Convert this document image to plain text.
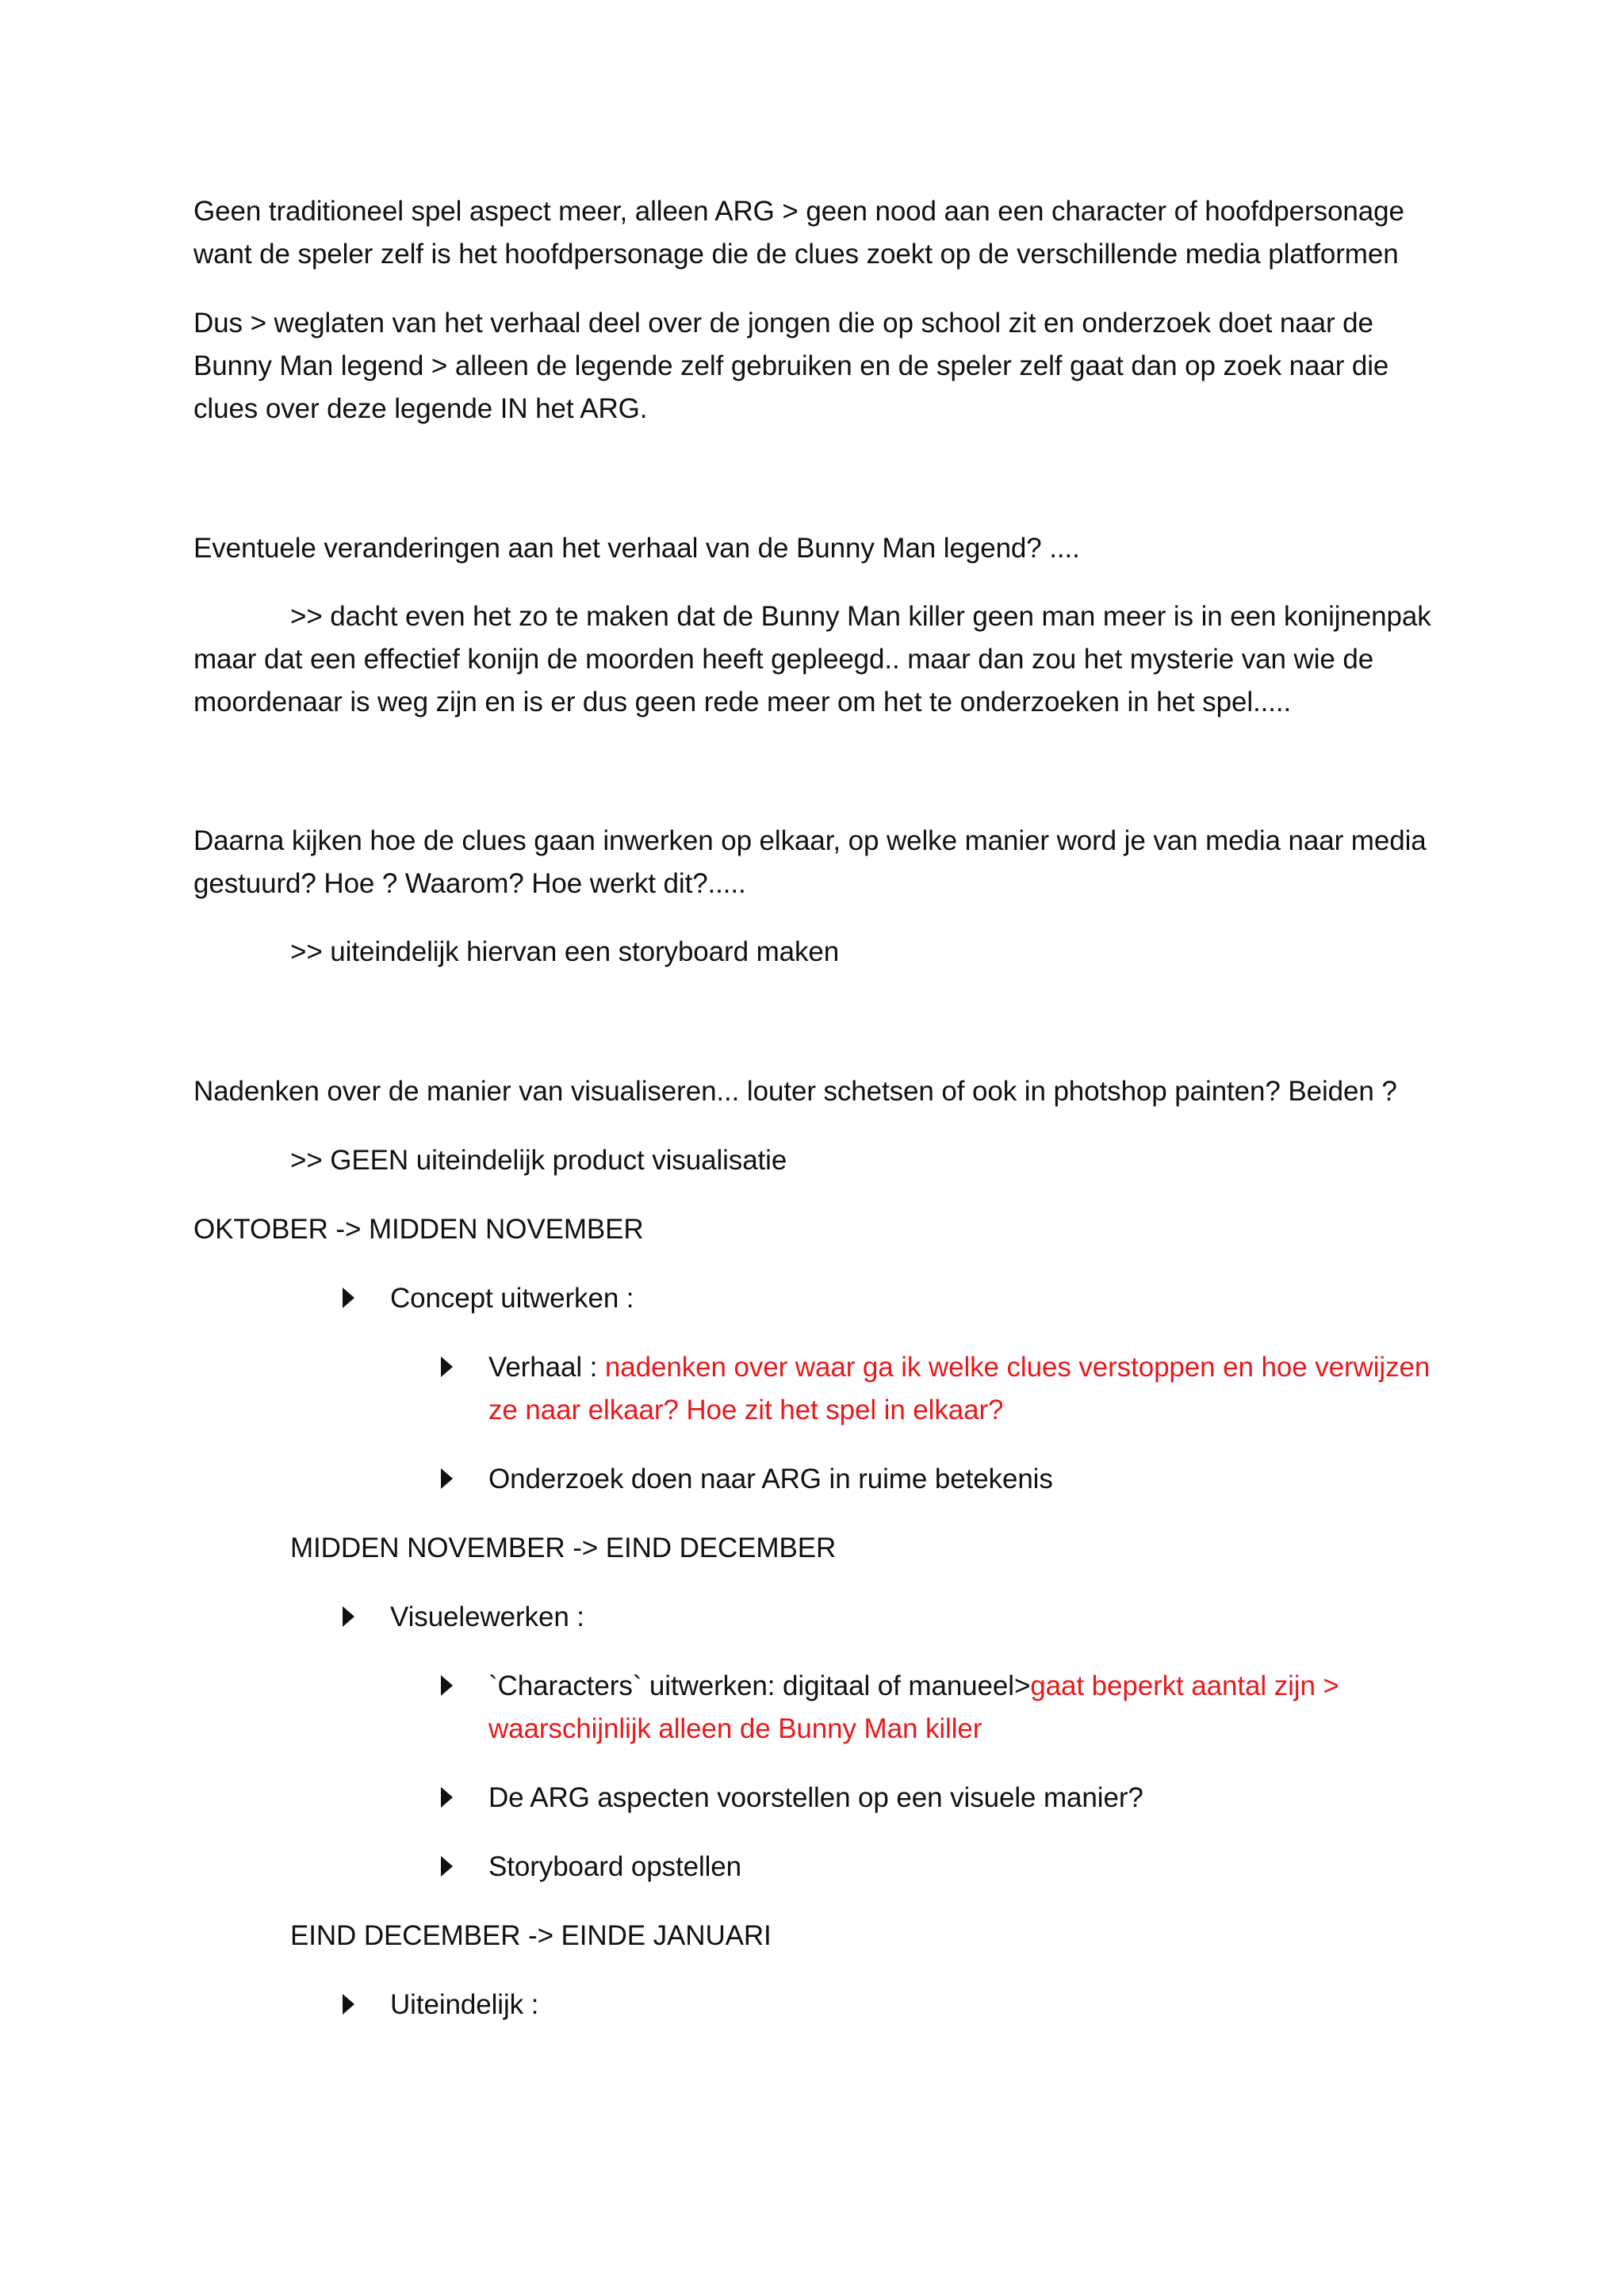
Geen traditioneel spel aspect meer, alleen ARG > geen nood aan een character of hoofdpersonage
want de speler zelf is het hoofdpersonage die de clues zoekt op de verschillende media platformen
Dus > weglaten van het verhaal deel over de jongen die op school zit en onderzoek doet naar de
Bunny Man legend > alleen de legende zelf gebruiken en de speler zelf gaat dan op zoek naar die
clues over deze legende IN het ARG.
Eventuele veranderingen aan het verhaal van de Bunny Man legend? ....
>> dacht even het zo te maken dat de Bunny Man killer geen man meer is in een konijnenpak
maar dat een effectief konijn de moorden heeft gepleegd.. maar dan zou het mysterie van wie de
moordenaar is weg zijn en is er dus geen rede meer om het te onderzoeken in het spel.....
Daarna kijken hoe de clues gaan inwerken op elkaar, op welke manier word je van media naar media
gestuurd? Hoe ? Waarom? Hoe werkt dit?.....
>> uiteindelijk hiervan een storyboard maken
Nadenken over de manier van visualiseren... louter schetsen of ook in photshop painten? Beiden ?
>> GEEN uiteindelijk product visualisatie
OKTOBER -> MIDDEN NOVEMBER
Concept uitwerken :
Verhaal : nadenken over waar ga ik welke clues verstoppen en hoe verwijzen
ze naar elkaar? Hoe zit het spel in elkaar?
Onderzoek doen naar ARG in ruime betekenis
MIDDEN NOVEMBER -> EIND DECEMBER
Visuelewerken :
`Characters` uitwerken: digitaal of manueel>gaat beperkt aantal zijn >
waarschijnlijk alleen de Bunny Man killer
De ARG aspecten voorstellen op een visuele manier?
Storyboard opstellen
EIND DECEMBER -> EINDE JANUARI
Uiteindelijk :
